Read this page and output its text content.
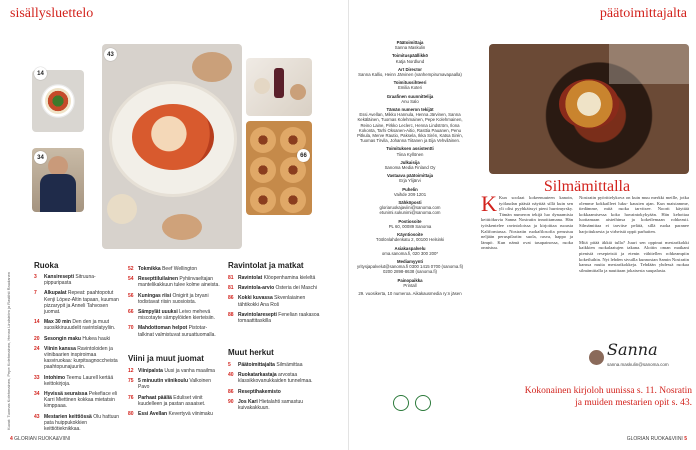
sisällysluettelo
14
34
43
66
Kuvat: Tuomas Kolehmainen, Pepe Kolehmainen, Henna Lindström ja Rastihti Raudanen
Ruoka
3	Kansiresepti Sitruuna-pippuripasta
7	Alkupalat Repeat: paahtopotut Kenji López-Altin tapaan, kuuman pizzarypit ja Anneli Tahvosen juomat.
14 Max 30 min Den den ja muut suosikkiruuudelit ravintolatyyliin.
20 Sesongin maku Hukea hauki
24 Viinin kanssa Ravintoloiden ja viinibaarien inspiroimaa kasviruokaa: kurpitsagnoccheista paahtopunajuuriin.
33 Intohimo Teemu Laurell kertää keittokirjoja.
34 Hyvissä seuraissa Pekefiace eli Karri Miettinen kokkaa mietatsin kimppaaa.
43 Mestarien keittiössä Olu hattuun pata huippukokkien keittiötieknikkaa.
52 Tokmikka Beef Wellington
54 Resepttiluilainen Pyhiinvaeltajan mantelikakkuun tulee kolme aineista.
56 Kuningas riisi Onigirit ja bryani todistavat riisin suosioista.
66 Sämpylät uuuksi Leivo mehevä miscotayte sämpylöiden kierteisiin.
70 Mahdottoman helpot Pistotar-talkinat valmistuvat suruattuomalla.
Viini ja muut juomat
12 Viinipalsta Uusi ja vanha maailma
75 5 minuutin viinikoulu Valkoinen Pavo
76 Parhaat pääliä Eduliset viinit kuudelleen ja pastan asaaiset.
80 Essi Avellan Kevertyvä viinimaku
Ravintolat ja matkat
81 Ravintolat Klöopenhamina kieleltä
81 Ravintola-arvio Osteria dei Maschi
86 Kokki kuvassa Skvenlaiainen tähtikokki Ana Roš
88 Ravintolaresepti Fenelian raakasoa tomaattitaskilla
Muut herkut
5	Päätoimittajalta Silmämittaa
40 Ruokatarkastaja arvostaa klassikkovanukkaiden tunnelmaa.
86 Reseptihakemisto
90 Jos Kari Hietalahti samastuu kuivakakkuun.
4 GLORIAN RUOKA&VIINI
päätoimittajalta
Päätoimittaja
Sanna Maskulin
Toimituspäällikkö
Katja Nordlund
Art Director
Sanna Kallio, Heinn Järvinen (vanhempirumavapaalla)
Toimitussihteeri
Emilia Koteri
Graafinen suunnittelija
Anu Salo
Tämän numeron tekijät
Essi Avellan, Mikko Hannula, Henna Järvinen, Sanna Kekäläinen, Tuomas Kolehmainen, Pepe Kolehmainen, Reino Laine, Pirkko Leclerc, Henna Lindström, Ilona Kokonta, Tarhi Oksanen-Aitio, Rasttia Pauanen, Penu Pitkula, Merve Rautio, Paksela, Ikka Sirén, Katsa Sirén, Tuomas Tirvila, Johanna Tiitanen ja Eija Vehviläinen.
Toimituksen assistentti
Tiina Kyllönen
Julkaisija
Sanoma Media Finland Oy
Vastaava päätoimittaja
Erja Ylijärvi
Puhelin
Vaihde 209 1201
Sähköposti
gloriaruokajaviini@sanoma.com etunimi.sukunimi@sanoma.com
Postiosoite
PL 60, 00089 Sanoma
Käyntiosoite
Töölönlahdenkatu 2, 00100 Helsinki
Asiakaspalvelu
oma.sanoma.fi, 020 300 200*
Mediamyynti
yritysjapalvelut@sanoma.fi 0300 1415 0700 (sanoma.fi) 0200 2898-8638 (sanoma.fi)
Painopaikka
Printall
29. vuosikerta, 10 numeroa. Aikakausmedia ry:n jäsen
Silmämittalla
K Kun soolaat kokeenuuteen kanoin, työlaudan pääsiä näyttää sillä kuin sen yli olisi pyyhkäissyt pieni hurrimyrsky. Tämän numeron tekijä luo dynaamisia keittiökuvia Sanna Nostratin innoittamana. Hän työskentelee ravintoloissa ja kirjoittaa ruoasta Kaliforniassa. Nostratin ruokafilosofia perustuu neljään peruspilariin: suola, rasva, happo ja lämpö. Kun nämä ovat tasapainossa, ruoka onnistuu.
Nostratin pyörittelykova on kuin muu merkki meille, jotka olemme kokkailleet luku- kausien ajan. Kun maistamme, tiedämme, mitä ruoka tarvitsee. Noorit käyttää kokkaamisessa koko havaintokykyään. Hän kehottaa luottamaan aisteihinsa ja kokeilemaan rohkeasti. Silmämittaa ei tarvitse pelätä, sillä ruoka paranee harjoituksesta ja virheistä oppii parhaiten.

Mitä pitää äkkiä tulla? Juuri sen oppinut mestarikokki kaikkien ruokalaatujen takana. Aloitin oman matkani pienistä resepteistä ja etenin vähitellen rohkeampiin kokeiluihin. Nyt lehden sivuilla kunnostan Samin Nostratin kanssa muita mestarikokkeja. Tehdään yhdessä ruokaa silmämittalla ja nautitaan jokaisesta suupalasta.
Sanna
sanna.maskulin@sanoma.com
Kokonainen kirjoloh uunissa s. 11. Nosratin ja muiden mestarien opit s. 43.
GLORIAN RUOKA&VIINI 5
